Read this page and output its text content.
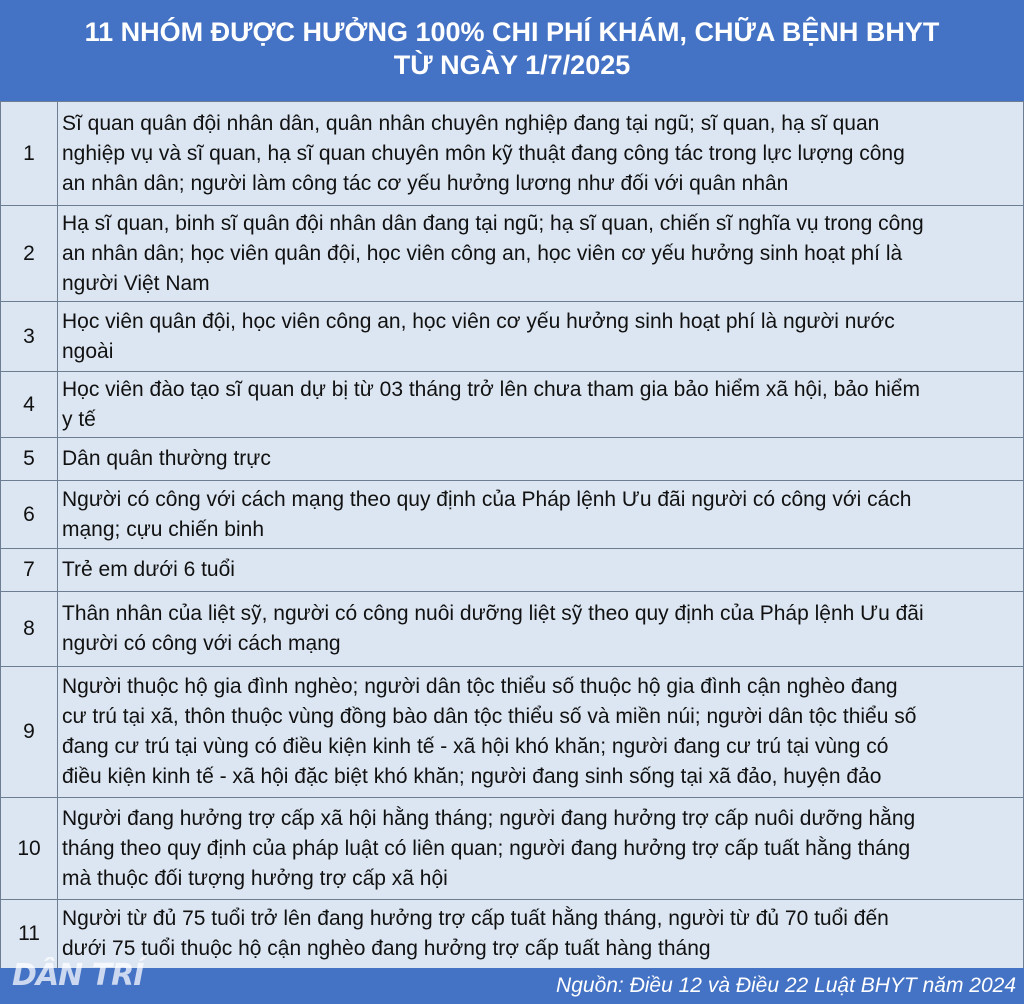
11 NHÓM ĐƯỢC HƯỞNG 100% CHI PHÍ KHÁM, CHỮA BỆNH BHYT
TỪ NGÀY 1/7/2025
1	Sĩ quan quân đội nhân dân, quân nhân chuyên nghiệp đang tại ngũ; sĩ quan, hạ sĩ quan
nghiệp vụ và sĩ quan, hạ sĩ quan chuyên môn kỹ thuật đang công tác trong lực lượng công
an nhân dân; người làm công tác cơ yếu hưởng lương như đối với quân nhân

2	Hạ sĩ quan, binh sĩ quân đội nhân dân đang tại ngũ; hạ sĩ quan, chiến sĩ nghĩa vụ trong công
an nhân dân; học viên quân đội, học viên công an, học viên cơ yếu hưởng sinh hoạt phí là
người Việt Nam

3	Học viên quân đội, học viên công an, học viên cơ yếu hưởng sinh hoạt phí là người nước
ngoài

4	Học viên đào tạo sĩ quan dự bị từ 03 tháng trở lên chưa tham gia bảo hiểm xã hội, bảo hiểm
y tế

5	Dân quân thường trực

6	Người có công với cách mạng theo quy định của Pháp lệnh Ưu đãi người có công với cách
mạng; cựu chiến binh

7	Trẻ em dưới 6 tuổi

8	Thân nhân của liệt sỹ, người có công nuôi dưỡng liệt sỹ theo quy định của Pháp lệnh Ưu đãi
người có công với cách mạng

9	Người thuộc hộ gia đình nghèo; người dân tộc thiểu số thuộc hộ gia đình cận nghèo đang
cư trú tại xã, thôn thuộc vùng đồng bào dân tộc thiểu số và miền núi; người dân tộc thiểu số
đang cư trú tại vùng có điều kiện kinh tế - xã hội khó khăn; người đang cư trú tại vùng có
điều kiện kinh tế - xã hội đặc biệt khó khăn; người đang sinh sống tại xã đảo, huyện đảo

10	Người đang hưởng trợ cấp xã hội hằng tháng; người đang hưởng trợ cấp nuôi dưỡng hằng
tháng theo quy định của pháp luật có liên quan; người đang hưởng trợ cấp tuất hằng tháng
mà thuộc đối tượng hưởng trợ cấp xã hội

11	Người từ đủ 75 tuổi trở lên đang hưởng trợ cấp tuất hằng tháng, người từ đủ 70 tuổi đến
dưới 75 tuổi thuộc hộ cận nghèo đang hưởng trợ cấp tuất hàng tháng
Nguồn: Điều 12 và Điều 22 Luật BHYT năm 2024
DÂN TRÍ
